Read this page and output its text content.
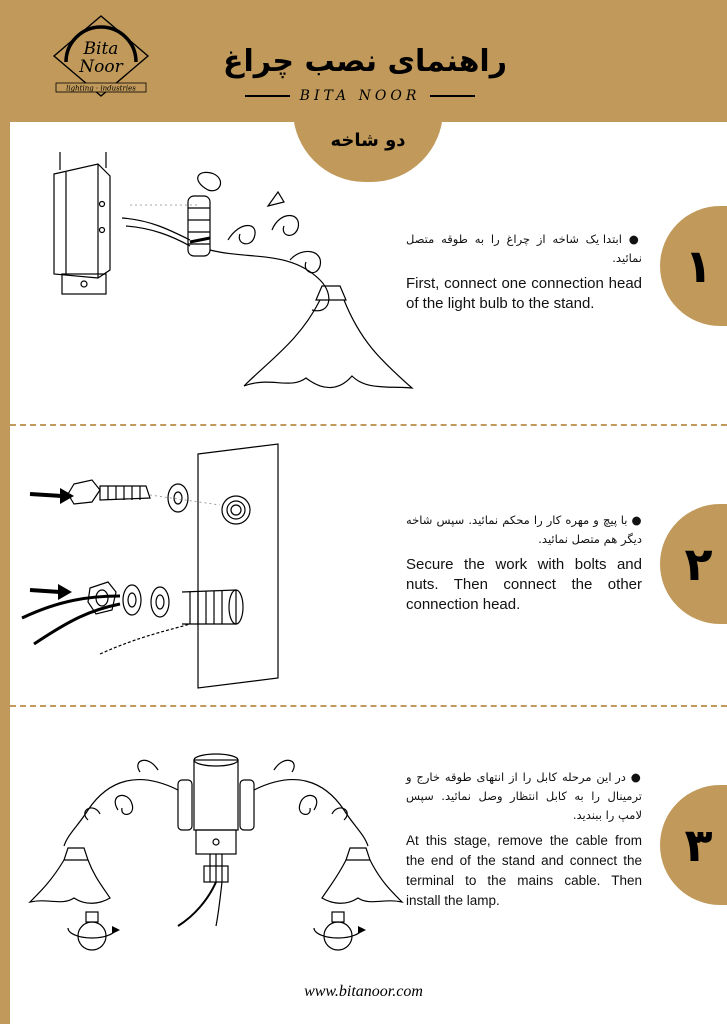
Bita
Noor
lighting · industries
راهنمای نصب چراغ
BITA NOOR
دو شاخه
۱
۲
۳
● ابتدا یک شاخه از چراغ را به طوقه متصل نمائید.
First, connect one connection head of the light bulb to the stand.
● با پیچ و مهره کار را محکم نمائید. سپس شاخه دیگر هم متصل نمائید.
Secure the work with bolts and nuts. Then connect the other connection head.
● در این مرحله کابل را از انتهای طوقه خارج و ترمینال را به کابل انتظار وصل نمائید. سپس لامپ را ببندید.
At this stage, remove the cable from the end of the stand and connect the terminal to the mains cable. Then install the lamp.
www.bitanoor.com
